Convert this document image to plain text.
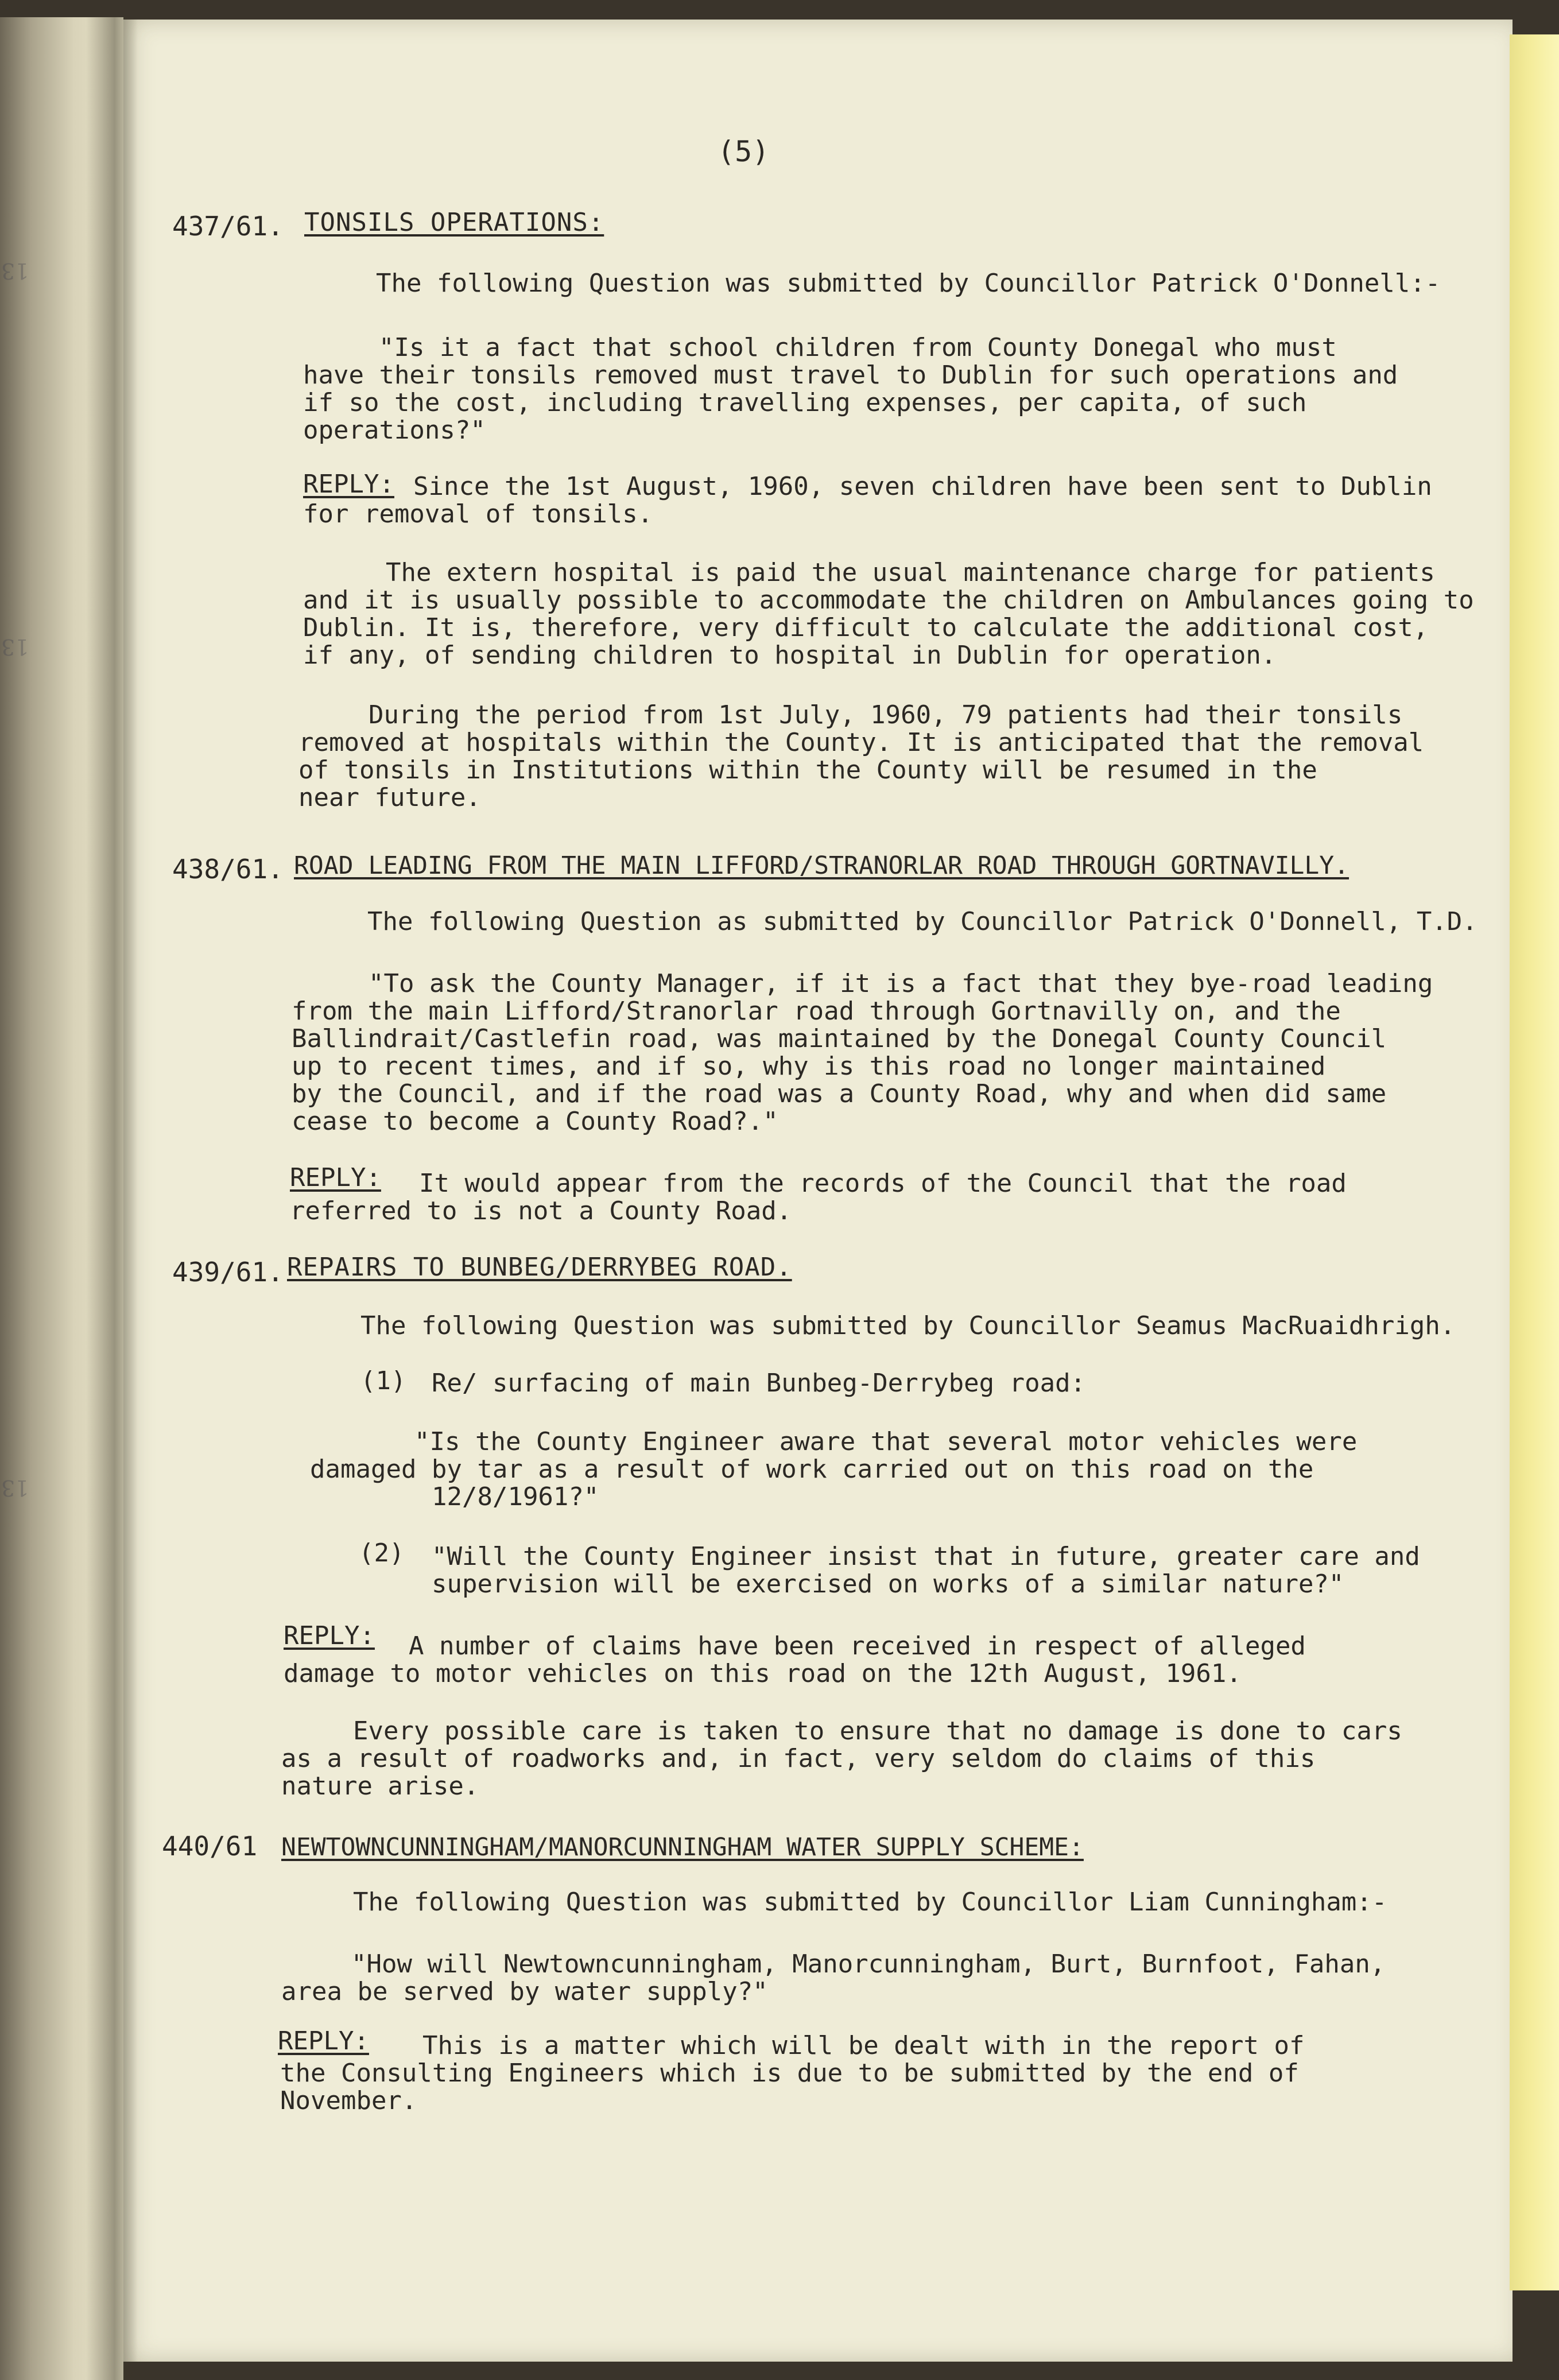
13
13
13
(5)
437/61. TONSILS OPERATIONS:
The following Question was submitted by Councillor Patrick O'Donnell:-
"Is it a fact that school children from County Donegal who must
have their tonsils removed must travel to Dublin for such operations and
if so the cost, including travelling expenses, per capita, of such
operations?"
REPLY: Since the 1st August, 1960, seven children have been sent to Dublin
for removal of tonsils.
The extern hospital is paid the usual maintenance charge for patients
and it is usually possible to accommodate the children on Ambulances going to
Dublin. It is, therefore, very difficult to calculate the additional cost,
if any, of sending children to hospital in Dublin for operation.
During the period from 1st July, 1960, 79 patients had their tonsils
removed at hospitals within the County. It is anticipated that the removal
of tonsils in Institutions within the County will be resumed in the
near future.
438/61. ROAD LEADING FROM THE MAIN LIFFORD/STRANORLAR ROAD THROUGH GORTNAVILLY.
The following Question as submitted by Councillor Patrick O'Donnell, T.D.
"To ask the County Manager, if it is a fact that they bye-road leading
from the main Lifford/Stranorlar road through Gortnavilly on, and the
Ballindrait/Castlefin road, was maintained by the Donegal County Council
up to recent times, and if so, why is this road no longer maintained
by the Council, and if the road was a County Road, why and when did same
cease to become a County Road?."
REPLY: It would appear from the records of the Council that the road
referred to is not a County Road.
439/61. REPAIRS TO BUNBEG/DERRYBEG ROAD.
The following Question was submitted by Councillor Seamus MacRuaidhrigh.
(1) Re/ surfacing of main Bunbeg-Derrybeg road:
"Is the County Engineer aware that several motor vehicles were
damaged by tar as a result of work carried out on this road on the
12/8/1961?"
(2) "Will the County Engineer insist that in future, greater care and
supervision will be exercised on works of a similar nature?"
REPLY: A number of claims have been received in respect of alleged
damage to motor vehicles on this road on the 12th August, 1961.
Every possible care is taken to ensure that no damage is done to cars
as a result of roadworks and, in fact, very seldom do claims of this
nature arise.
440/61 NEWTOWNCUNNINGHAM/MANORCUNNINGHAM WATER SUPPLY SCHEME:
The following Question was submitted by Councillor Liam Cunningham:-
"How will Newtowncunningham, Manorcunningham, Burt, Burnfoot, Fahan,
area be served by water supply?"
REPLY: This is a matter which will be dealt with in the report of
the Consulting Engineers which is due to be submitted by the end of
November.
